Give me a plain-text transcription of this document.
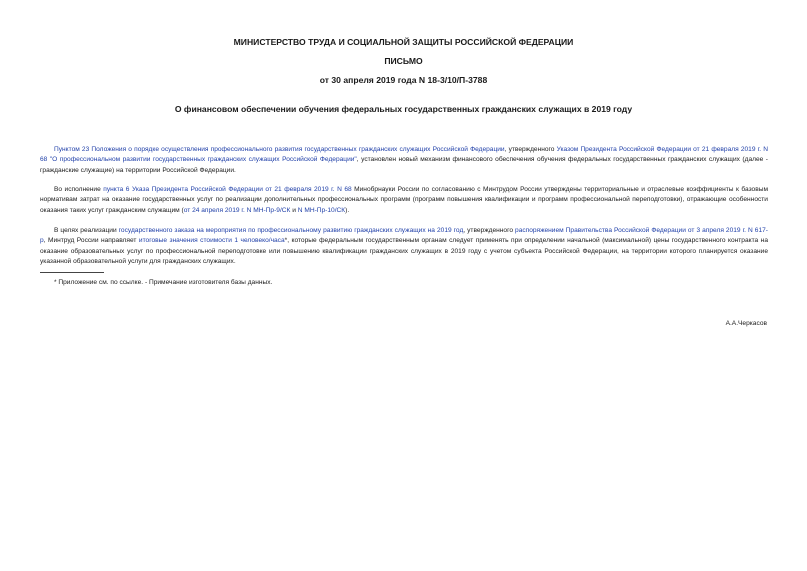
МИНИСТЕРСТВО ТРУДА И СОЦИАЛЬНОЙ ЗАЩИТЫ РОССИЙСКОЙ ФЕДЕРАЦИИ
ПИСЬМО
от 30 апреля 2019 года N 18-3/10/П-3788
О финансовом обеспечении обучения федеральных государственных гражданских служащих в 2019 году

Пунктом 23 Положения о порядке осуществления профессионального развития государственных гражданских служащих Российской Федерации, утвержденного Указом Президента Российской Федерации от 21 февраля 2019 г. N 68 "О профессиональном развитии государственных гражданских служащих Российской Федерации", установлен новый механизм финансового обеспечения обучения федеральных государственных гражданских служащих (далее - гражданские служащие) на территории Российской Федерации.

Во исполнение пункта 6 Указа Президента Российской Федерации от 21 февраля 2019 г. N 68 Минобрнауки России по согласованию с Минтрудом России утверждены территориальные и отраслевые коэффициенты к базовым нормативам затрат на оказание государственных услуг по реализации дополнительных профессиональных программ (программ повышения квалификации и программ профессиональной переподготовки), отражающие особенности оказания таких услуг гражданским служащим (от 24 апреля 2019 г. N МН-Пр-9/СК и N МН-Пр-10/СК).

В целях реализации государственного заказа на мероприятия по профессиональному развитию гражданских служащих на 2019 год, утвержденного распоряжением Правительства Российской Федерации от 3 апреля 2019 г. N 617-р, Минтруд России направляет итоговые значения стоимости 1 человеко/часа*, которые федеральным государственным органам следует применять при определении начальной (максимальной) цены государственного контракта на оказание образовательных услуг по профессиональной переподготовке или повышению квалификации гражданских служащих в 2019 году с учетом субъекта Российской Федерации, на территории которого планируется оказание указанной образовательной услуги для гражданских служащих.

* Приложение см. по ссылке. - Примечание изготовителя базы данных.
А.А.Черкасов
